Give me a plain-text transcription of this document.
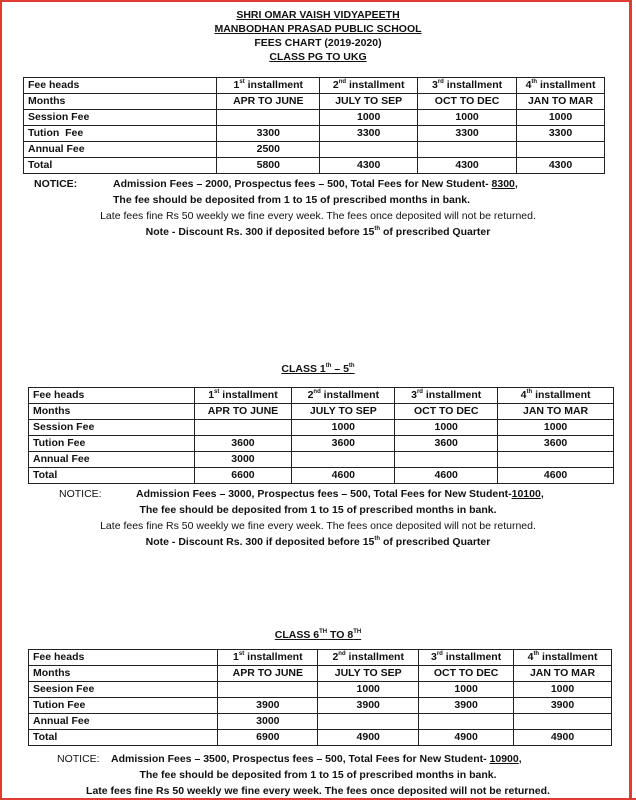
SHRI OMAR VAISH VIDYAPEETH
MANBODHAN PRASAD PUBLIC SCHOOL
FEES CHART (2019-2020)
CLASS PG TO UKG
Fee heads	1st installment	2nd installment	3rd installment	4th installment
Months	APR TO JUNE	JULY TO SEP	OCT TO DEC	JAN TO MAR
Session Fee		1000	1000	1000
Tution  Fee	3300	3300	3300	3300
Annual Fee	2500			
Total	5800	4300	4300	4300
NOTICE:	Admission Fees – 2000, Prospectus fees – 500, Total Fees for New Student- 8300,
The fee should be deposited from 1 to 15 of prescribed months in bank.
Late fees fine Rs 50 weekly we fine every week. The fees once deposited will not be returned.
Note - Discount Rs. 300 if deposited before 15th of prescribed Quarter
CLASS 1th – 5th
Fee heads	1st installment	2nd installment	3rd installment	4th installment
Months	APR TO JUNE	JULY TO SEP	OCT TO DEC	JAN TO MAR
Session Fee		1000	1000	1000
Tution Fee	3600	3600	3600	3600
Annual Fee	3000			
Total	6600	4600	4600	4600
NOTICE:	Admission Fees – 3000, Prospectus fees – 500, Total Fees for New Student-10100,
The fee should be deposited from 1 to 15 of prescribed months in bank.
Late fees fine Rs 50 weekly we fine every week. The fees once deposited will not be returned.
Note - Discount Rs. 300 if deposited before 15th of prescribed Quarter
CLASS 6TH TO 8TH
Fee heads	1st installment	2nd installment	3rd installment	4th installment
Months	APR TO JUNE	JULY TO SEP	OCT TO DEC	JAN TO MAR
Seesion Fee		1000	1000	1000
Tution Fee	3900	3900	3900	3900
Annual Fee	3000			
Total	6900	4900	4900	4900
NOTICE: Admission Fees – 3500, Prospectus fees – 500, Total Fees for New Student- 10900,
The fee should be deposited from 1 to 15 of prescribed months in bank.
Late fees fine Rs 50 weekly we fine every week. The fees once deposited will not be returned.
